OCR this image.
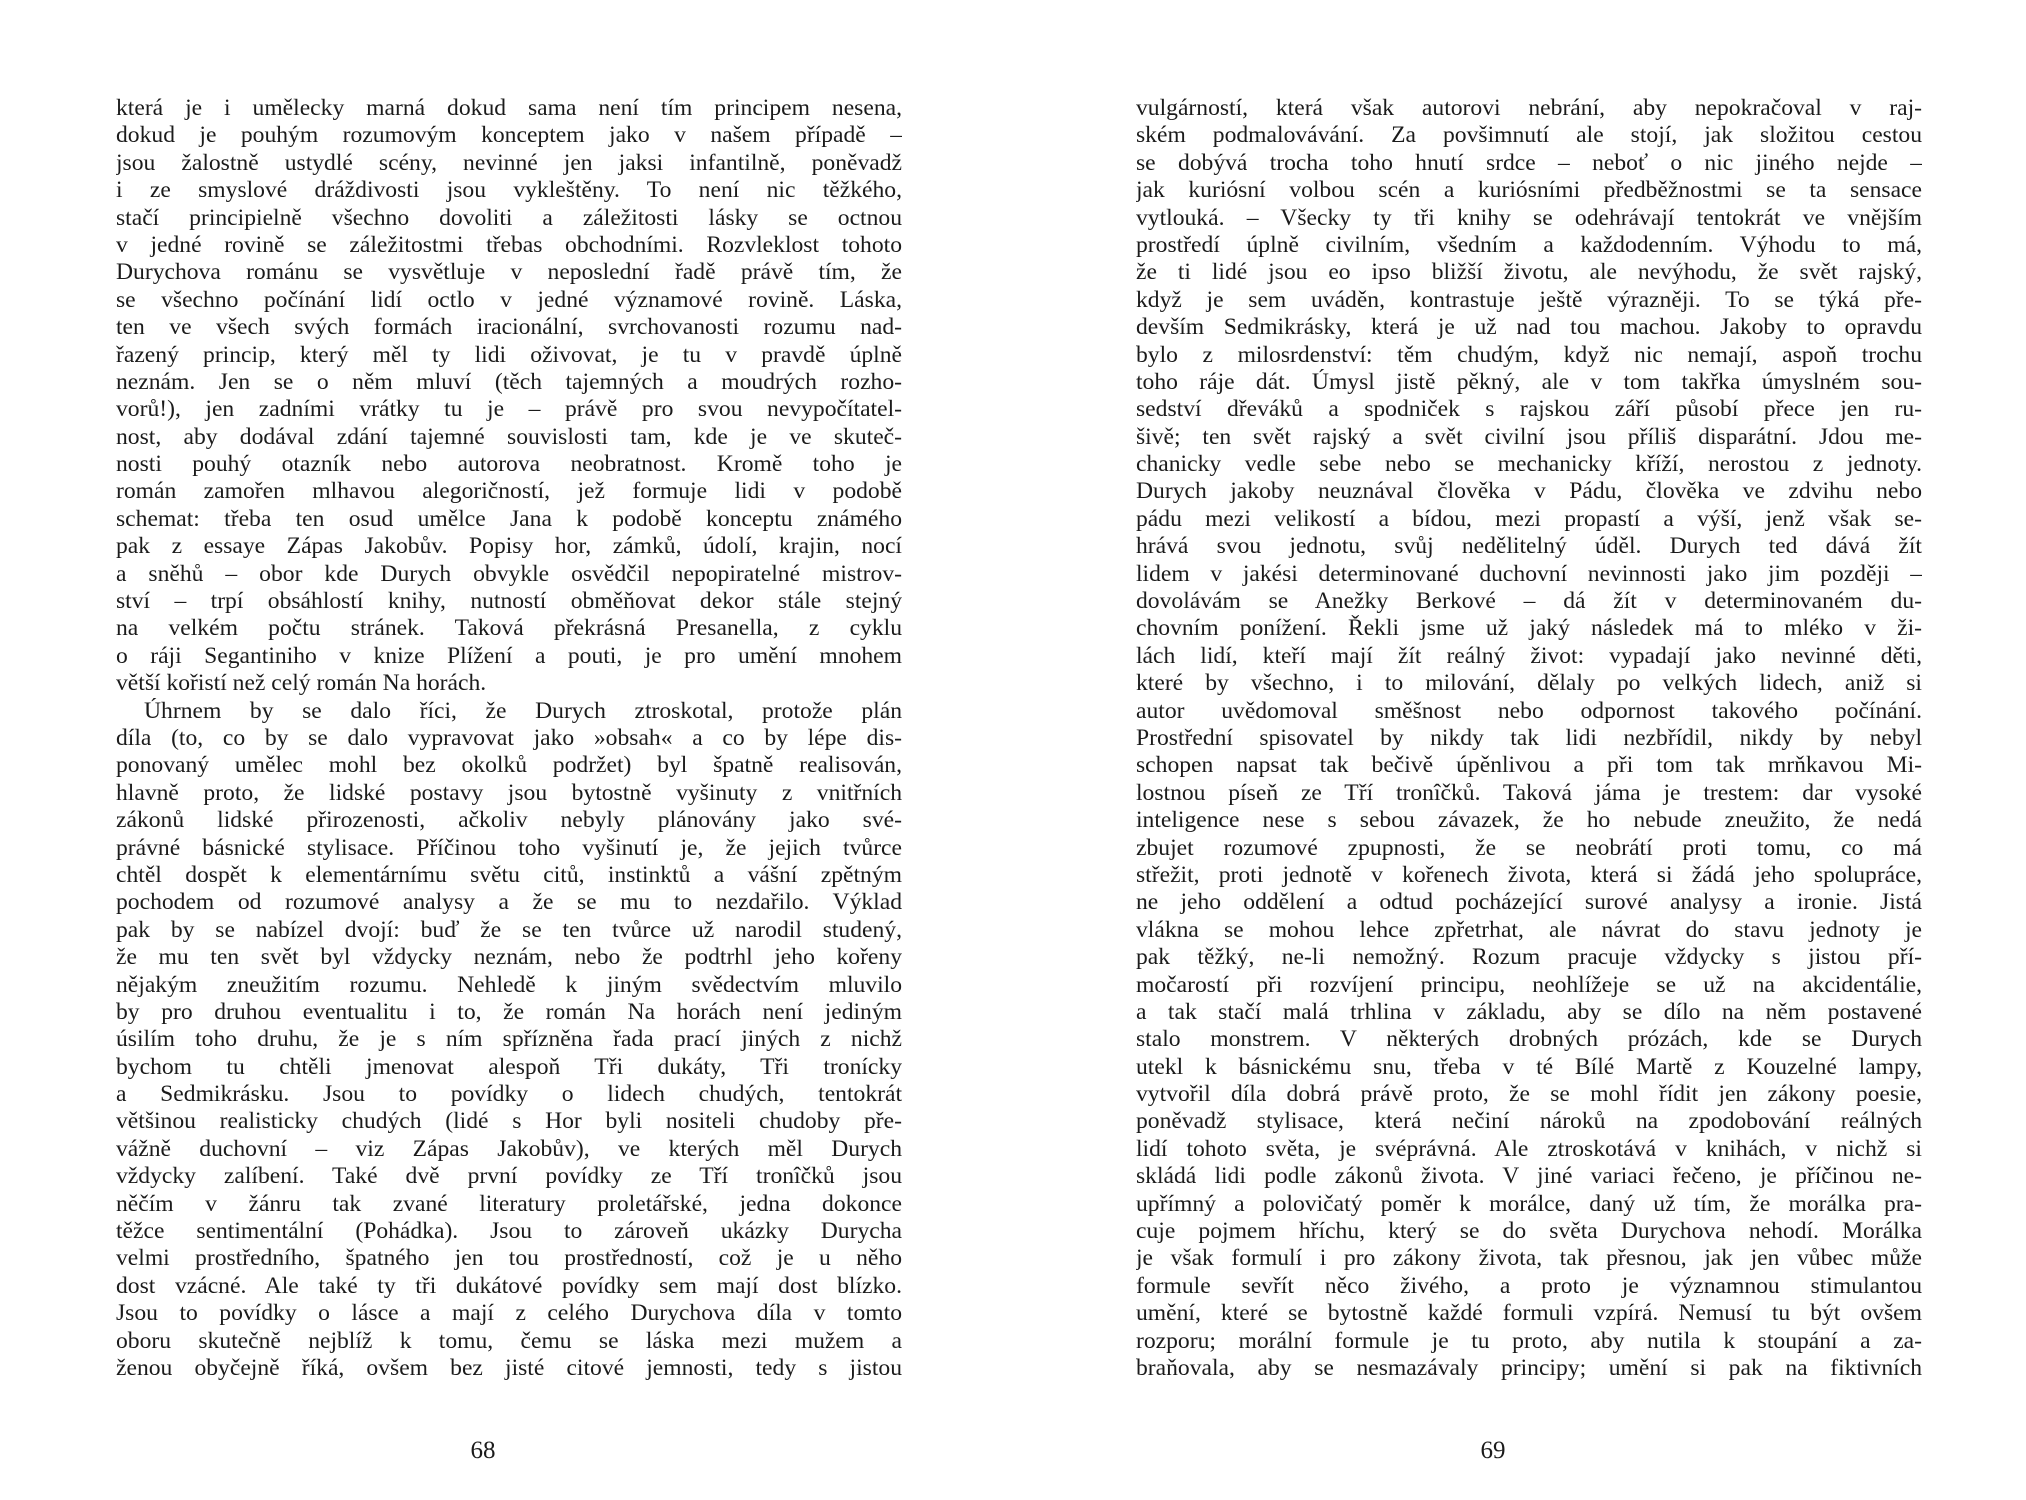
která je i umělecky marná dokud sama není tím principem nesena,
dokud je pouhým rozumovým konceptem jako v našem případě –
jsou žalostně ustydlé scény, nevinné jen jaksi infantilně, poněvadž
i ze smyslové dráždivosti jsou vykleštěny. To není nic těžkého,
stačí principielně všechno dovoliti a záležitosti lásky se octnou
v jedné rovině se záležitostmi třebas obchodními. Rozvleklost tohoto
Durychova románu se vysvětluje v neposlední řadě právě tím, že
se všechno počínání lidí octlo v jedné významové rovině. Láska,
ten ve všech svých formách iracionální, svrchovanosti rozumu nad-
řazený princip, který měl ty lidi oživovat, je tu v pravdě úplně
neznám. Jen se o něm mluví (těch tajemných a moudrých rozho-
vorů!), jen zadními vrátky tu je – právě pro svou nevypočítatel-
nost, aby dodával zdání tajemné souvislosti tam, kde je ve skuteč-
nosti pouhý otazník nebo autorova neobratnost. Kromě toho je
román zamořen mlhavou alegoričností, jež formuje lidi v podobě
schemat: třeba ten osud umělce Jana k podobě konceptu známého
pak z essaye Zápas Jakobův. Popisy hor, zámků, údolí, krajin, nocí
a sněhů – obor kde Durych obvykle osvědčil nepopiratelné mistrov-
ství – trpí obsáhlostí knihy, nutností obměňovat dekor stále stejný
na velkém počtu stránek. Taková překrásná Presanella, z cyklu
o ráji Segantiniho v knize Plížení a pouti, je pro umění mnohem
větší kořistí než celý román Na horách.
Úhrnem by se dalo říci, že Durych ztroskotal, protože plán
díla (to, co by se dalo vypravovat jako »obsah« a co by lépe dis-
ponovaný umělec mohl bez okolků podržet) byl špatně realisován,
hlavně proto, že lidské postavy jsou bytostně vyšinuty z vnitřních
zákonů lidské přirozenosti, ačkoliv nebyly plánovány jako své-
právné básnické stylisace. Příčinou toho vyšinutí je, že jejich tvůrce
chtěl dospět k elementárnímu světu citů, instinktů a vášní zpětným
pochodem od rozumové analysy a že se mu to nezdařilo. Výklad
pak by se nabízel dvojí: buď že se ten tvůrce už narodil studený,
že mu ten svět byl vždycky neznám, nebo že podtrhl jeho kořeny
nějakým zneužitím rozumu. Nehledě k jiným svědectvím mluvilo
by pro druhou eventualitu i to, že román Na horách není jediným
úsilím toho druhu, že je s ním spřízněna řada prací jiných z nichž
bychom tu chtěli jmenovat alespoň Tři dukáty, Tři tronícky
a Sedmikrásku. Jsou to povídky o lidech chudých, tentokrát
většinou realisticky chudých (lidé s Hor byli nositeli chudoby pře-
vážně duchovní – viz Zápas Jakobův), ve kterých měl Durych
vždycky zalíbení. Také dvě první povídky ze Tří tronîčků jsou
něčím v žánru tak zvané literatury proletářské, jedna dokonce
těžce sentimentální (Pohádka). Jsou to zároveň ukázky Durycha
velmi prostředního, špatného jen tou prostředností, což je u něho
dost vzácné. Ale také ty tři dukátové povídky sem mají dost blízko.
Jsou to povídky o lásce a mají z celého Durychova díla v tomto
oboru skutečně nejblíž k tomu, čemu se láska mezi mužem a
ženou obyčejně říká, ovšem bez jisté citové jemnosti, tedy s jistou
68
vulgárností, která však autorovi nebrání, aby nepokračoval v raj-
ském podmalovávání. Za povšimnutí ale stojí, jak složitou cestou
se dobývá trocha toho hnutí srdce – neboť o nic jiného nejde –
jak kuriósní volbou scén a kuriósními předběžnostmi se ta sensace
vytlouká. – Všecky ty tři knihy se odehrávají tentokrát ve vnějším
prostředí úplně civilním, všedním a každodenním. Výhodu to má,
že ti lidé jsou eo ipso bližší životu, ale nevýhodu, že svět rajský,
když je sem uváděn, kontrastuje ještě výrazněji. To se týká pře-
devším Sedmikrásky, která je už nad tou machou. Jakoby to opravdu
bylo z milosrdenství: těm chudým, když nic nemají, aspoň trochu
toho ráje dát. Úmysl jistě pěkný, ale v tom takřka úmyslném sou-
sedství dřeváků a spodniček s rajskou září působí přece jen ru-
šivě; ten svět rajský a svět civilní jsou příliš disparátní. Jdou me-
chanicky vedle sebe nebo se mechanicky kříží, nerostou z jednoty.
Durych jakoby neuznával člověka v Pádu, člověka ve zdvihu nebo
pádu mezi velikostí a bídou, mezi propastí a výší, jenž však se-
hrává svou jednotu, svůj nedělitelný úděl. Durych ted dává žít
lidem v jakési determinované duchovní nevinnosti jako jim později –
dovolávám se Anežky Berkové – dá žít v determinovaném du-
chovním ponížení. Řekli jsme už jaký následek má to mléko v ži-
lách lidí, kteří mají žít reálný život: vypadají jako nevinné děti,
které by všechno, i to milování, dělaly po velkých lidech, aniž si
autor uvědomoval směšnost nebo odpornost takového počínání.
Prostřední spisovatel by nikdy tak lidi nezbřídil, nikdy by nebyl
schopen napsat tak bečivě úpěnlivou a při tom tak mrňkavou Mi-
lostnou píseň ze Tří tronîčků. Taková jáma je trestem: dar vysoké
inteligence nese s sebou závazek, že ho nebude zneužito, že nedá
zbujet rozumové zpupnosti, že se neobrátí proti tomu, co má
střežit, proti jednotě v kořenech života, která si žádá jeho spolupráce,
ne jeho oddělení a odtud pocházející surové analysy a ironie. Jistá
vlákna se mohou lehce zpřetrhat, ale návrat do stavu jednoty je
pak těžký, ne-li nemožný. Rozum pracuje vždycky s jistou pří-
močarostí při rozvíjení principu, neohlížeje se už na akcidentálie,
a tak stačí malá trhlina v základu, aby se dílo na něm postavené
stalo monstrem. V některých drobných prózách, kde se Durych
utekl k básnickému snu, třeba v té Bílé Martě z Kouzelné lampy,
vytvořil díla dobrá právě proto, že se mohl řídit jen zákony poesie,
poněvadž stylisace, která nečiní nároků na zpodobování reálných
lidí tohoto světa, je svéprávná. Ale ztroskotává v knihách, v nichž si
skládá lidi podle zákonů života. V jiné variaci řečeno, je příčinou ne-
upřímný a polovičatý poměr k morálce, daný už tím, že morálka pra-
cuje pojmem hříchu, který se do světa Durychova nehodí. Morálka
je však formulí i pro zákony života, tak přesnou, jak jen vůbec může
formule sevřít něco živého, a proto je významnou stimulantou
umění, které se bytostně každé formuli vzpírá. Nemusí tu být ovšem
rozporu; morální formule je tu proto, aby nutila k stoupání a za-
braňovala, aby se nesmazávaly principy; umění si pak na fiktivních
69
